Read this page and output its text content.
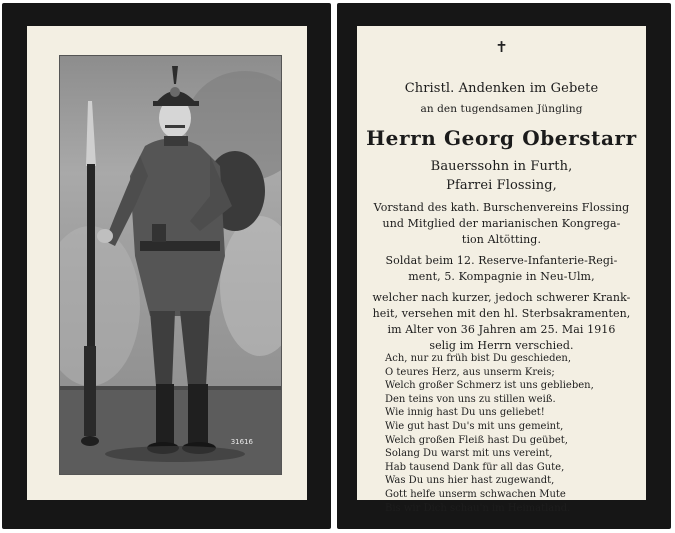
31616
✝
Christl. Andenken im Gebete
an den tugendsamen Jüngling
Herrn Georg Oberstarr
Bauerssohn in Furth,
Pfarrei Flossing,
Vorstand des kath. Burschenvereins Flossing
und Mitglied der marianischen Kongrega-
tion Altötting.
Soldat beim 12. Reserve-Infanterie-Regi-
ment, 5. Kompagnie in Neu-Ulm,
welcher nach kurzer, jedoch schwerer Krank-
heit, versehen mit den hl. Sterbsakramenten,
im Alter von 36 Jahren am 25. Mai 1916
selig im Herrn verschied.
Ach, nur zu früh bist Du geschieden,
O teures Herz, aus unserm Kreis;
Welch großer Schmerz ist uns geblieben,
Den teins von uns zu stillen weiß.
Wie innig hast Du uns geliebet!
Wie gut hast Du's mit uns gemeint,
Welch großen Fleiß hast Du geübet,
Solang Du warst mit uns vereint,
Hab tausend Dank für all das Gute,
Was Du uns hier hast zugewandt,
Gott helfe unserm schwachen Mute
Bis wir Dich schau'n im Heimatland.
